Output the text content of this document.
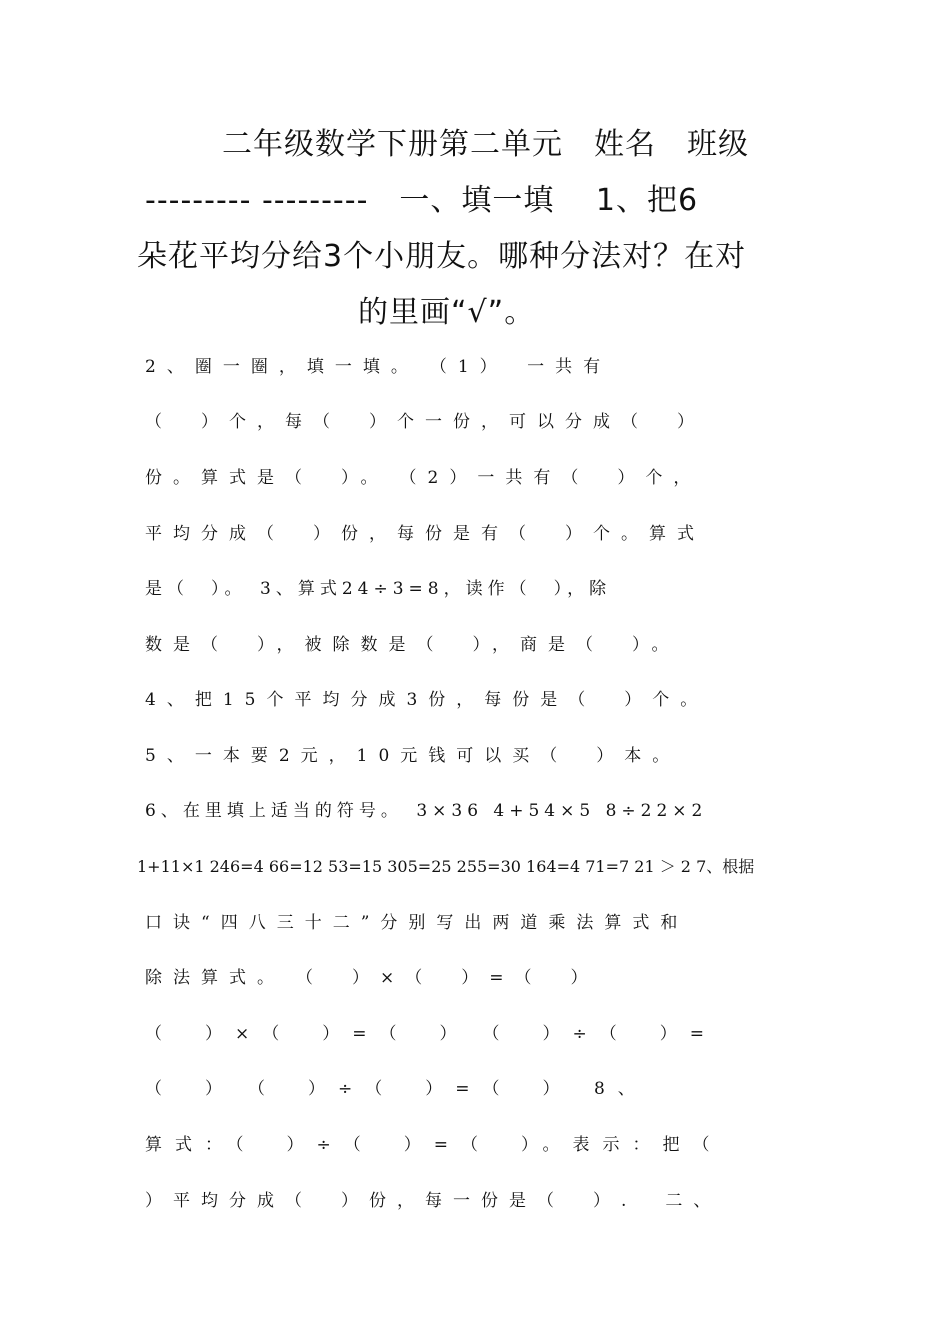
二年级数学下册第二单元　姓名　班级
--------- ---------　一、填一填　 1、把6
朵花平均分给3个小朋友。哪种分法对？在对
的里画“√”。
2、圈一圈，填一填。　（1）　一共有
（　）个，每（　）个一份，可以分成（　）
份。算式是（　）。　（2）一共有（　）个，
平均分成（　）份，每份是有（　）个。算式
是（　）。　3、算式24÷3=8，读作（　），除
数是（　），被除数是（　），商是（　）。
4、把15个平均分成3份，每份是（　）个。
5、一本要2元，10元钱可以买（　）本。
6、在里填上适当的符号。　3×36 4+54×5 8÷22×2
1+11×1 246=4 66=12 53=15 305=25 255=30 164=4 71=7 21 ＞ 2 7、根据
口诀“四八三十二”分别写出两道乘法算式和
除法算式。　（　）×（　）=（　）
（　）×（　）=（　）　（　）÷（　）=
（　）　（　）÷（　）=（　）　8、
算式：（　）÷（　）=（　）。表示：把（
）平均分成（　）份，每一份是（　）.　二、
